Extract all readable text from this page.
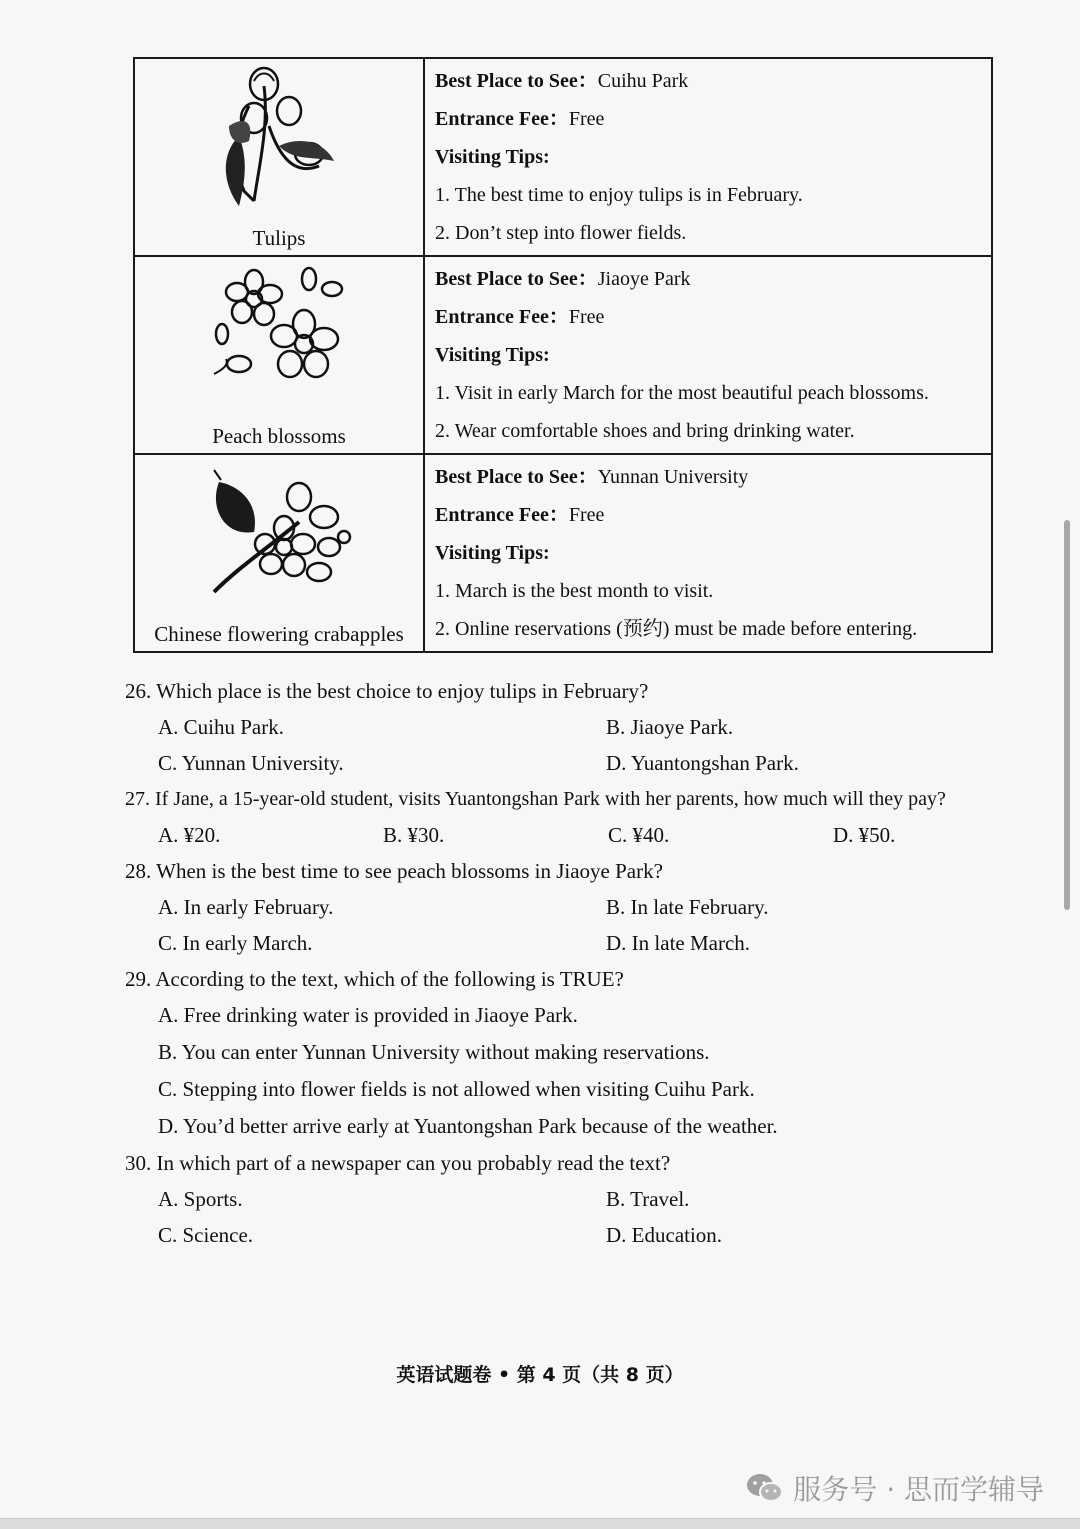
Tulips	Best Place to See：Cuihu Park
Entrance Fee：Free
Visiting Tips:
1. The best time to enjoy tulips is in February.
2. Don’t step into flower fields.

Peach blossoms	Best Place to See：Jiaoye Park
Entrance Fee：Free
Visiting Tips:
1. Visit in early March for the most beautiful peach blossoms.
2. Wear comfortable shoes and bring drinking water.

Chinese flowering crabapples	Best Place to See：Yunnan University
Entrance Fee：Free
Visiting Tips:
1. March is the best month to visit.
2. Online reservations (预约) must be made before entering.
26. Which place is the best choice to enjoy tulips in February?
A. Cuihu Park.	B. Jiaoye Park.
C. Yunnan University.	D. Yuantongshan Park.
27. If Jane, a 15-year-old student, visits Yuantongshan Park with her parents, how much will they pay?
A. ¥20.	B. ¥30.	C. ¥40.	D. ¥50.
28. When is the best time to see peach blossoms in Jiaoye Park?
A. In early February.	B. In late February.
C. In early March.	D. In late March.
29. According to the text, which of the following is TRUE?
A. Free drinking water is provided in Jiaoye Park.
B. You can enter Yunnan University without making reservations.
C. Stepping into flower fields is not allowed when visiting Cuihu Park.
D. You’d better arrive early at Yuantongshan Park because of the weather.
30. In which part of a newspaper can you probably read the text?
A. Sports.	B. Travel.
C. Science.	D. Education.
英语试题卷 • 第 4 页（共 8 页）
服务号 · 思而学辅导
